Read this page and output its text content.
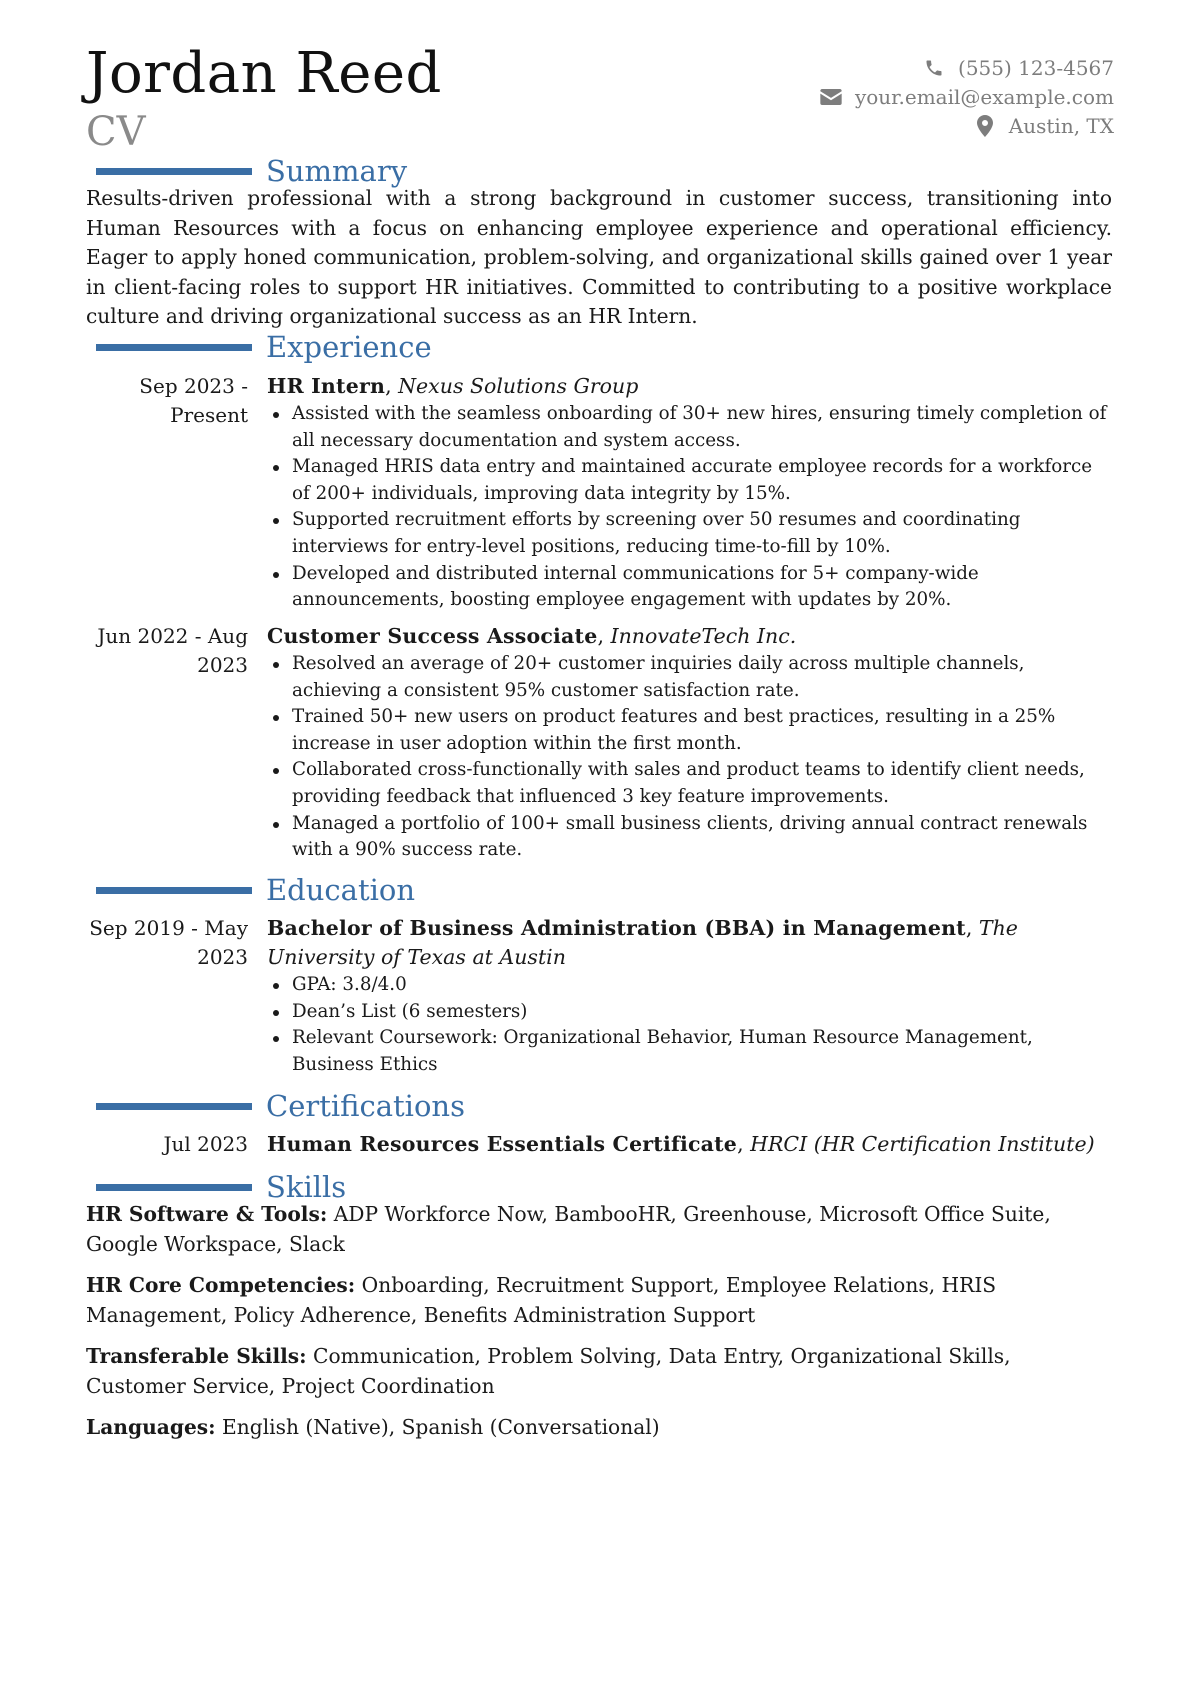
Jordan Reed
CV
(555) 123-4567
your.email@example.com
Austin, TX
Summary

Results-driven professional with a strong background in customer success, transitioning into Human Resources with a focus on enhancing employee experience and operational efficiency. Eager to apply honed communication, problem-solving, and organizational skills gained over 1 year in client-facing roles to support HR initiatives. Committed to contributing to a positive workplace culture and driving organizational success as an HR Intern.

Experience
Sep 2023 - Present
HR Intern, Nexus Solutions Group
Assisted with the seamless onboarding of 30+ new hires, ensuring timely completion of all necessary documentation and system access.
Managed HRIS data entry and maintained accurate employee records for a workforce of 200+ individuals, improving data integrity by 15%.
Supported recruitment efforts by screening over 50 resumes and coordinating interviews for entry-level positions, reducing time-to-fill by 10%.
Developed and distributed internal communications for 5+ company-wide announcements, boosting employee engagement with updates by 20%.
Jun 2022 - Aug 2023
Customer Success Associate, InnovateTech Inc.
Resolved an average of 20+ customer inquiries daily across multiple channels, achieving a consistent 95% customer satisfaction rate.
Trained 50+ new users on product features and best practices, resulting in a 25% increase in user adoption within the first month.
Collaborated cross-functionally with sales and product teams to identify client needs, providing feedback that influenced 3 key feature improvements.
Managed a portfolio of 100+ small business clients, driving annual contract renewals with a 90% success rate.
Education
Sep 2019 - May 2023
Bachelor of Business Administration (BBA) in Management, The University of Texas at Austin
GPA: 3.8/4.0
Dean’s List (6 semesters)
Relevant Coursework: Organizational Behavior, Human Resource Management, Business Ethics
Certifications
Jul 2023 Human Resources Essentials Certificate, HRCI (HR Certification Institute)
Skills

HR Software & Tools: ADP Workforce Now, BambooHR, Greenhouse, Microsoft Office Suite, Google Workspace, Slack

HR Core Competencies: Onboarding, Recruitment Support, Employee Relations, HRIS Management, Policy Adherence, Benefits Administration Support

Transferable Skills: Communication, Problem Solving, Data Entry, Organizational Skills, Customer Service, Project Coordination

Languages: English (Native), Spanish (Conversational)
